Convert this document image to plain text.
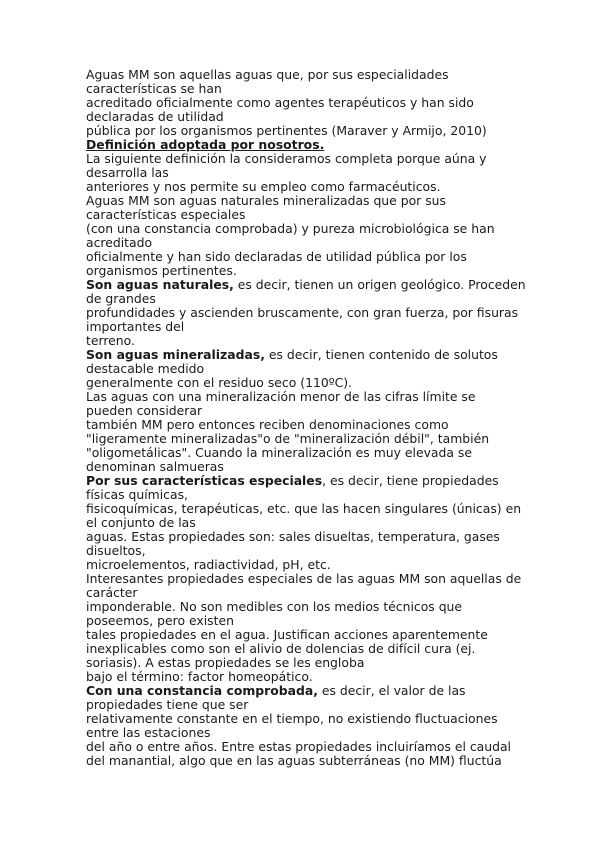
Aguas MM son aquellas aguas que, por sus especialidades características se han
acreditado oficialmente como agentes terapéuticos y han sido declaradas de utilidad
pública por los organismos pertinentes (Maraver y Armijo, 2010)
Definición adoptada por nosotros.
La siguiente definición la consideramos completa porque aúna y desarrolla las
anteriores y nos permite su empleo como farmacéuticos.
Aguas MM son aguas naturales mineralizadas que por sus características especiales
(con una constancia comprobada) y pureza microbiológica se han acreditado
oficialmente y han sido declaradas de utilidad pública por los organismos pertinentes.
Son aguas naturales, es decir, tienen un origen geológico. Proceden de grandes
profundidades y ascienden bruscamente, con gran fuerza, por fisuras importantes del
terreno.
Son aguas mineralizadas, es decir, tienen contenido de solutos destacable medido
generalmente con el residuo seco (110ºC).
Las aguas con una mineralización menor de las cifras límite se pueden considerar
también MM pero entonces reciben denominaciones como
"ligeramente mineralizadas"o de "mineralización débil", también
"oligometálicas". Cuando la mineralización es muy elevada se denominan salmueras
Por sus características especiales, es decir, tiene propiedades físicas químicas,
fisicoquímicas, terapéuticas, etc. que las hacen singulares (únicas) en el conjunto de las
aguas. Estas propiedades son: sales disueltas, temperatura, gases disueltos,
microelementos, radiactividad, pH, etc.
Interesantes propiedades especiales de las aguas MM son aquellas de carácter
imponderable. No son medibles con los medios técnicos que poseemos, pero existen
tales propiedades en el agua. Justifican acciones aparentemente
inexplicables como son el alivio de dolencias de difícil cura (ej.
soriasis). A estas propiedades se les engloba
bajo el término: factor homeopático.
Con una constancia comprobada, es decir, el valor de las propiedades tiene que ser
relativamente constante en el tiempo, no existiendo fluctuaciones entre las estaciones
del año o entre años. Entre estas propiedades incluiríamos el caudal
del manantial, algo que en las aguas subterráneas (no MM) fluctúa
